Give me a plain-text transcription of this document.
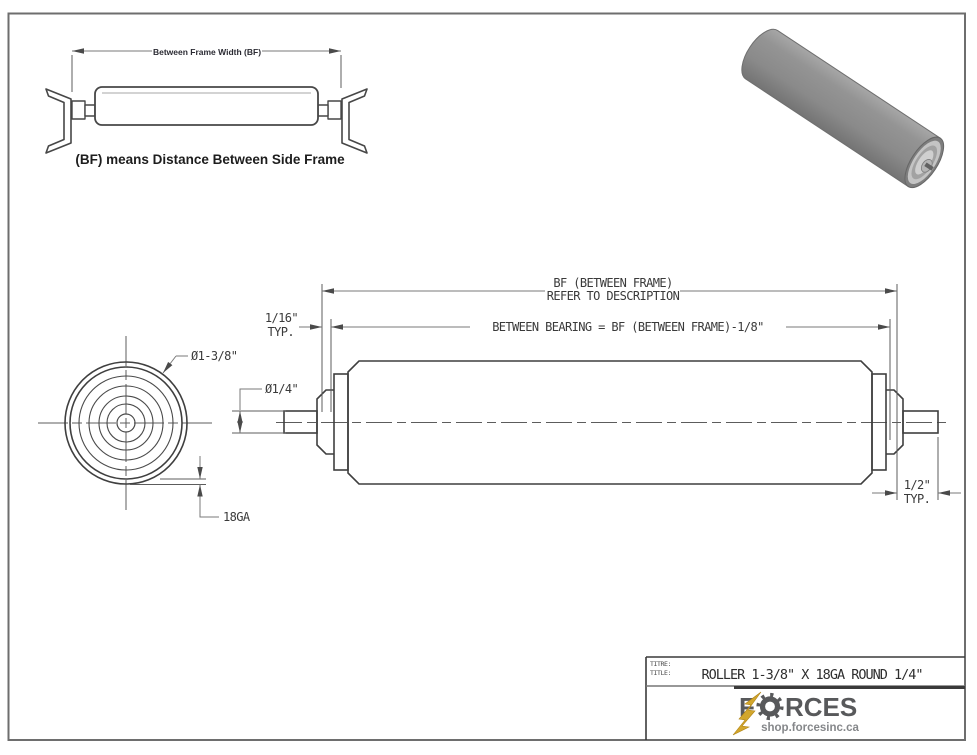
Between Frame Width (BF)
(BF) means Distance Between Side Frame
BF (BETWEEN FRAME)
REFER TO DESCRIPTION
BETWEEN BEARING = BF (BETWEEN FRAME)-1/8"
1/16"
TYP.
Ø1/4"
1/2"
TYP.
Ø1-3/8"
18GA
TITRE:
TITLE: ROLLER 1-3/8" X 18GA ROUND 1/4"
F RCES
shop.forcesinc.ca
